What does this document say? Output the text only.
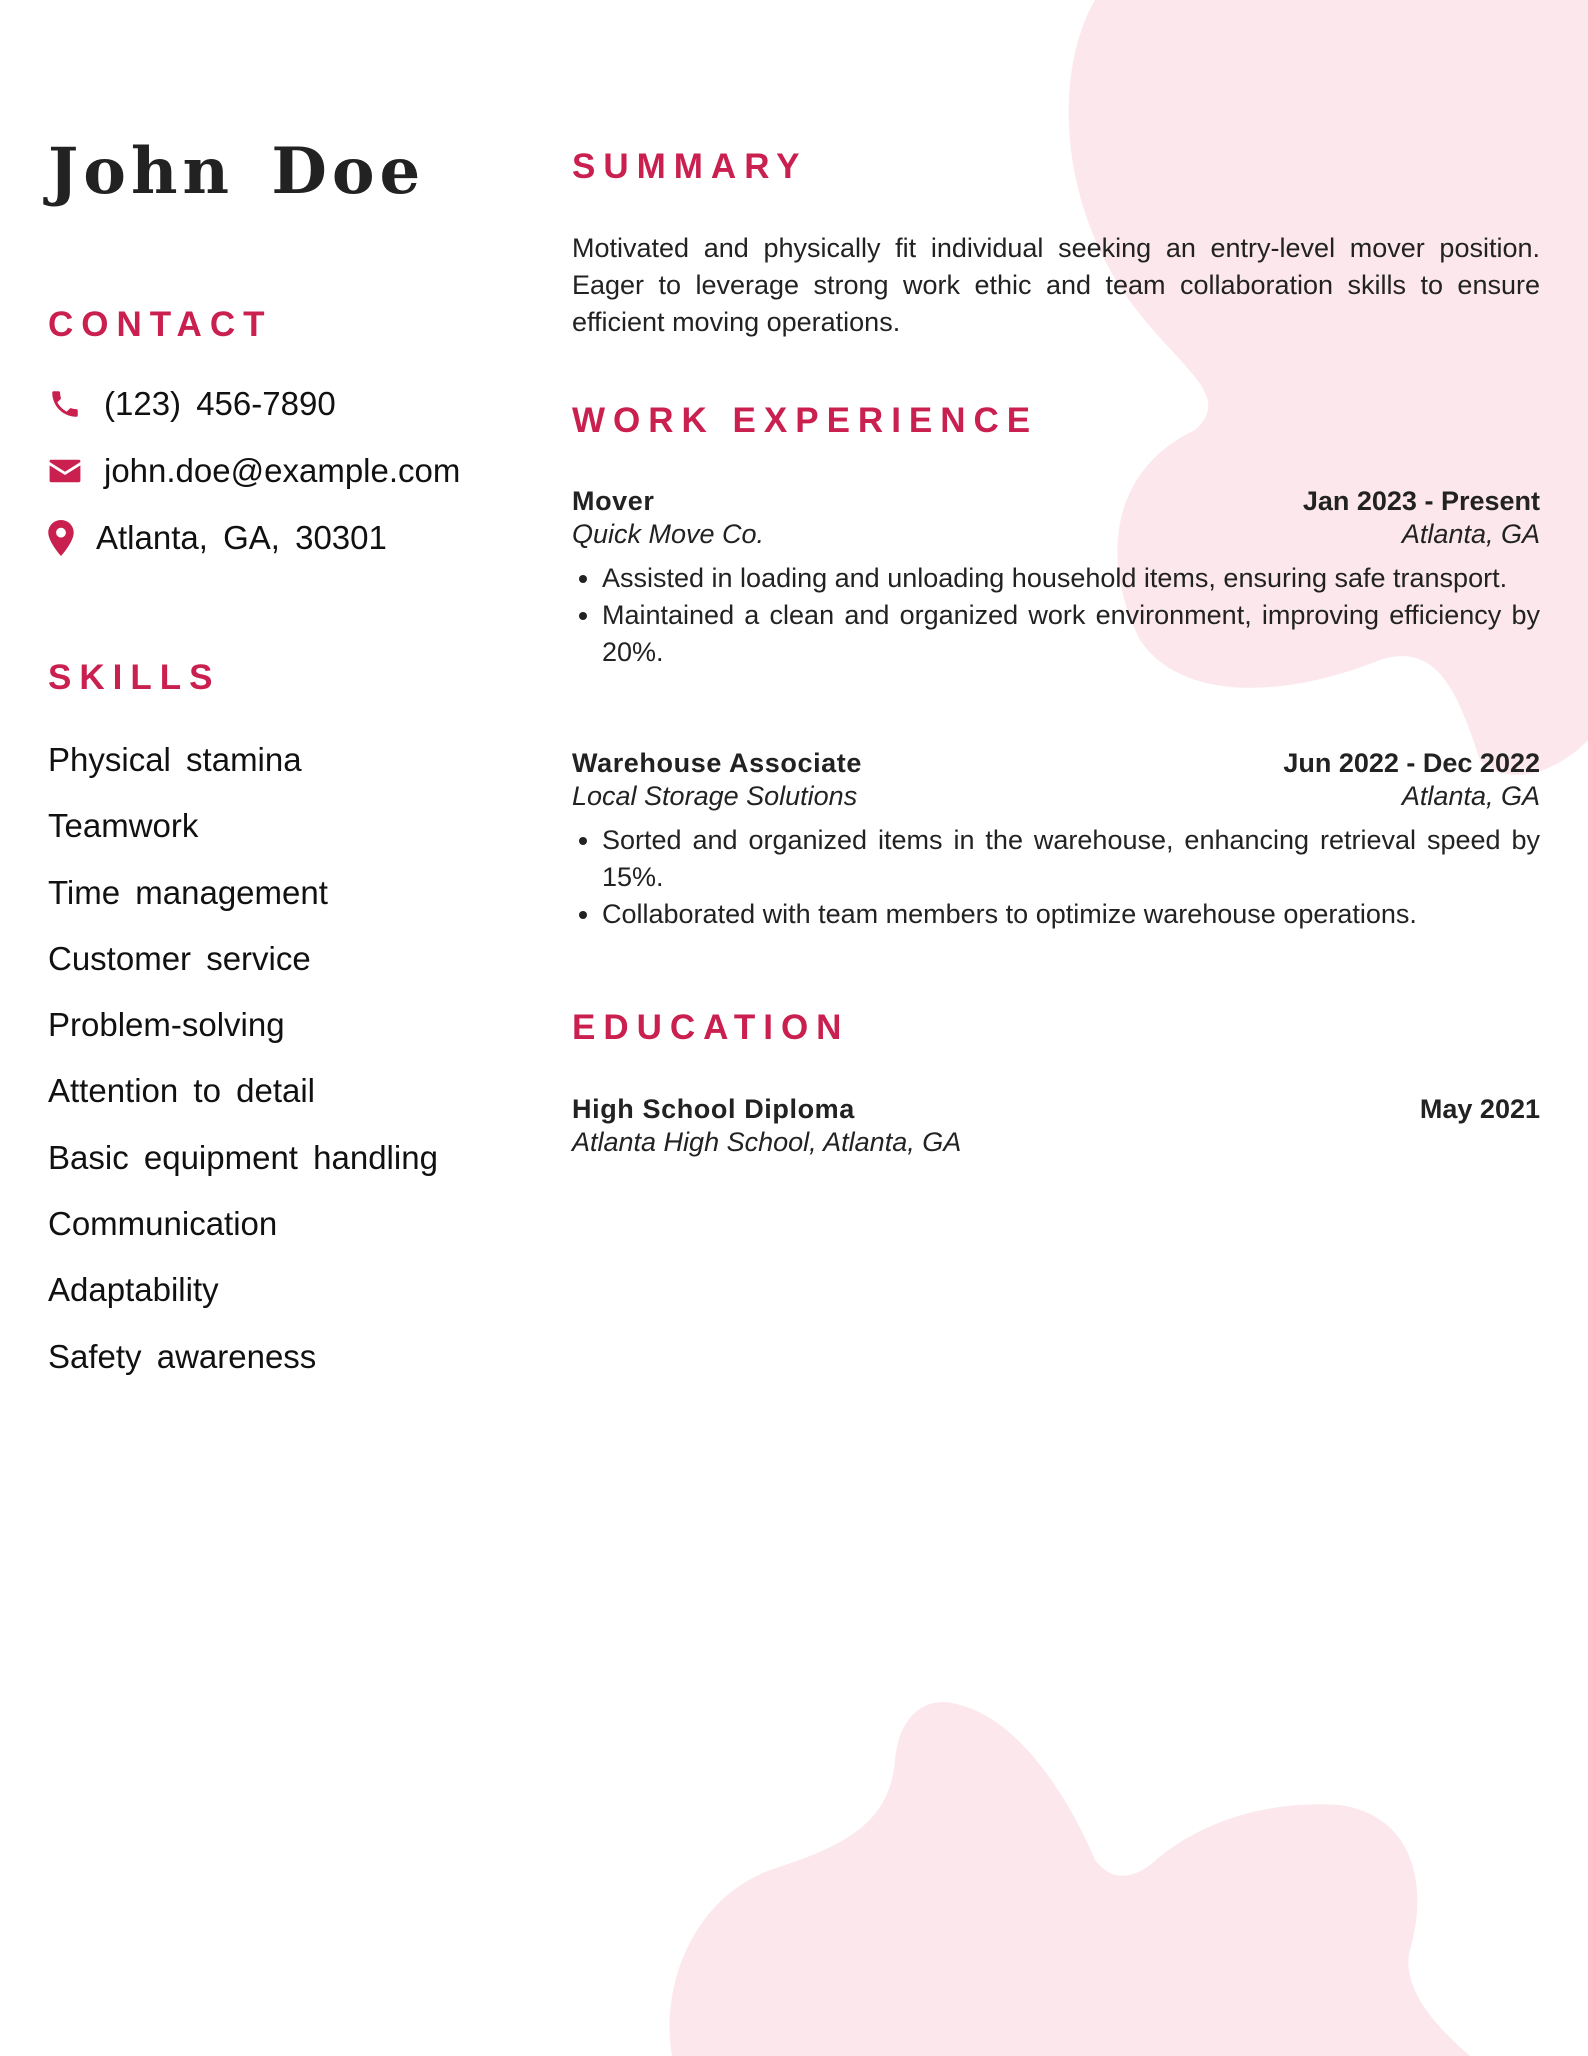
John Doe
CONTACT
(123) 456-7890
john.doe@example.com
Atlanta, GA, 30301
SKILLS
Physical stamina
Teamwork
Time management
Customer service
Problem-solving
Attention to detail
Basic equipment handling
Communication
Adaptability
Safety awareness
SUMMARY

Motivated and physically fit individual seeking an entry-level mover position. Eager to leverage strong work ethic and team collaboration skills to ensure efficient moving operations.

WORK EXPERIENCE
Mover	Jan 2023 - Present
Quick Move Co.	Atlanta, GA
• Assisted in loading and unloading household items, ensuring safe transport.
• Maintained a clean and organized work environment, improving efficiency by 20%.
Warehouse Associate	Jun 2022 - Dec 2022
Local Storage Solutions	Atlanta, GA
• Sorted and organized items in the warehouse, enhancing retrieval speed by 15%.
• Collaborated with team members to optimize warehouse operations.
EDUCATION
High School Diploma	May 2021
Atlanta High School, Atlanta, GA
